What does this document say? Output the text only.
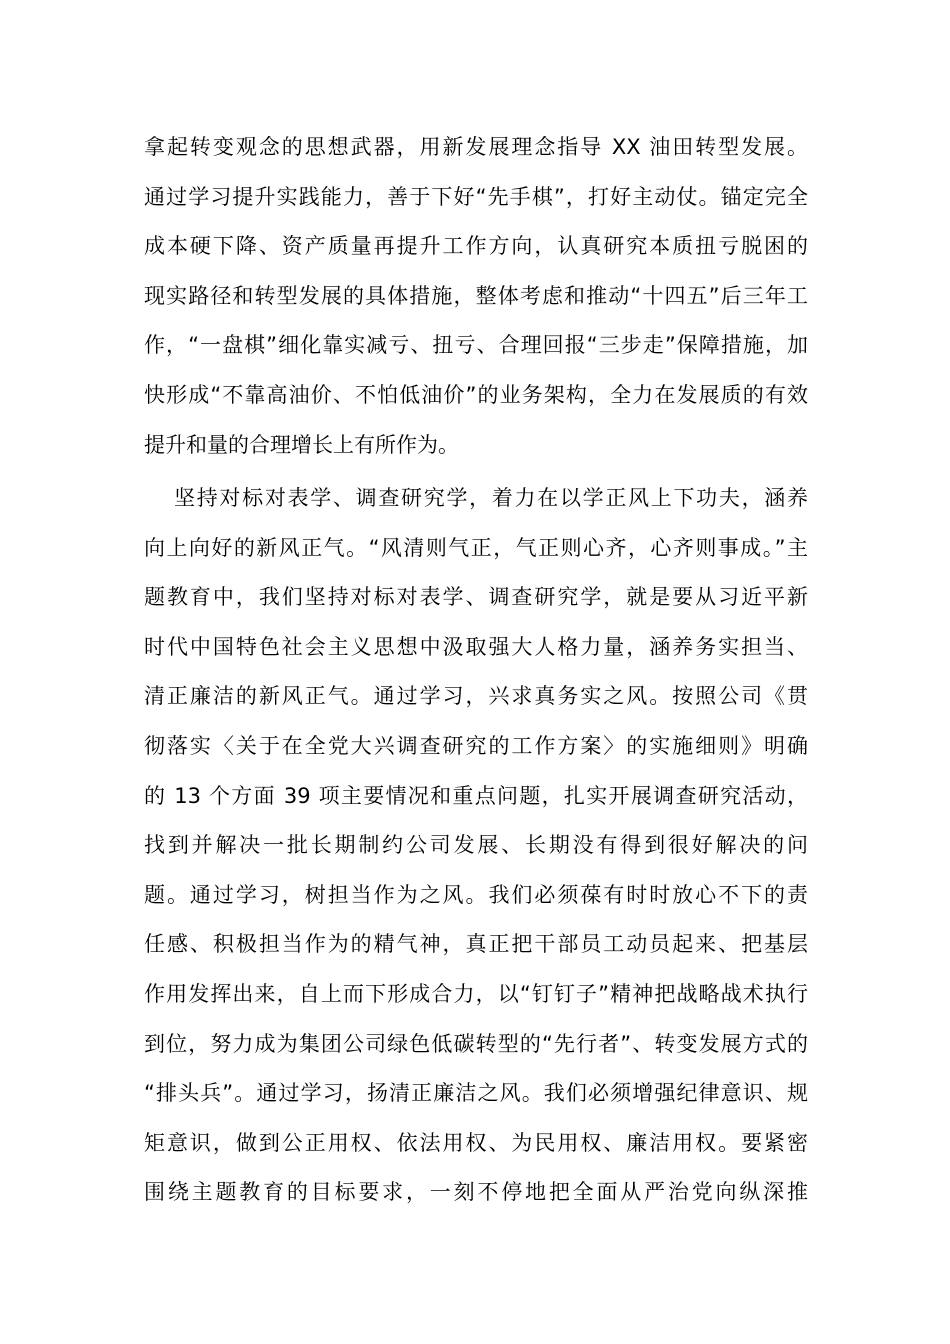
拿起转变观念的思想武器，用新发展理念指导 XX 油田转型发展。
通过学习提升实践能力，善于下好“先手棋”，打好主动仗。锚定完全
成本硬下降、资产质量再提升工作方向，认真研究本质扭亏脱困的
现实路径和转型发展的具体措施，整体考虑和推动“十四五”后三年工
作，“一盘棋”细化靠实减亏、扭亏、合理回报“三步走”保障措施，加
快形成“不靠高油价、不怕低油价”的业务架构，全力在发展质的有效
提升和量的合理增长上有所作为。
坚持对标对表学、调查研究学，着力在以学正风上下功夫，涵养
向上向好的新风正气。“风清则气正，气正则心齐，心齐则事成。”主
题教育中，我们坚持对标对表学、调查研究学，就是要从习近平新
时代中国特色社会主义思想中汲取强大人格力量，涵养务实担当、
清正廉洁的新风正气。通过学习，兴求真务实之风。按照公司《贯
彻落实〈关于在全党大兴调查研究的工作方案〉的实施细则》明确
的 13 个方面 39 项主要情况和重点问题，扎实开展调查研究活动，
找到并解决一批长期制约公司发展、长期没有得到很好解决的问
题。通过学习，树担当作为之风。我们必须葆有时时放心不下的责
任感、积极担当作为的精气神，真正把干部员工动员起来、把基层
作用发挥出来，自上而下形成合力，以“钉钉子”精神把战略战术执行
到位，努力成为集团公司绿色低碳转型的“先行者”、转变发展方式的
“排头兵”。通过学习，扬清正廉洁之风。我们必须增强纪律意识、规
矩意识，做到公正用权、依法用权、为民用权、廉洁用权。要紧密
围绕主题教育的目标要求，一刻不停地把全面从严治党向纵深推
